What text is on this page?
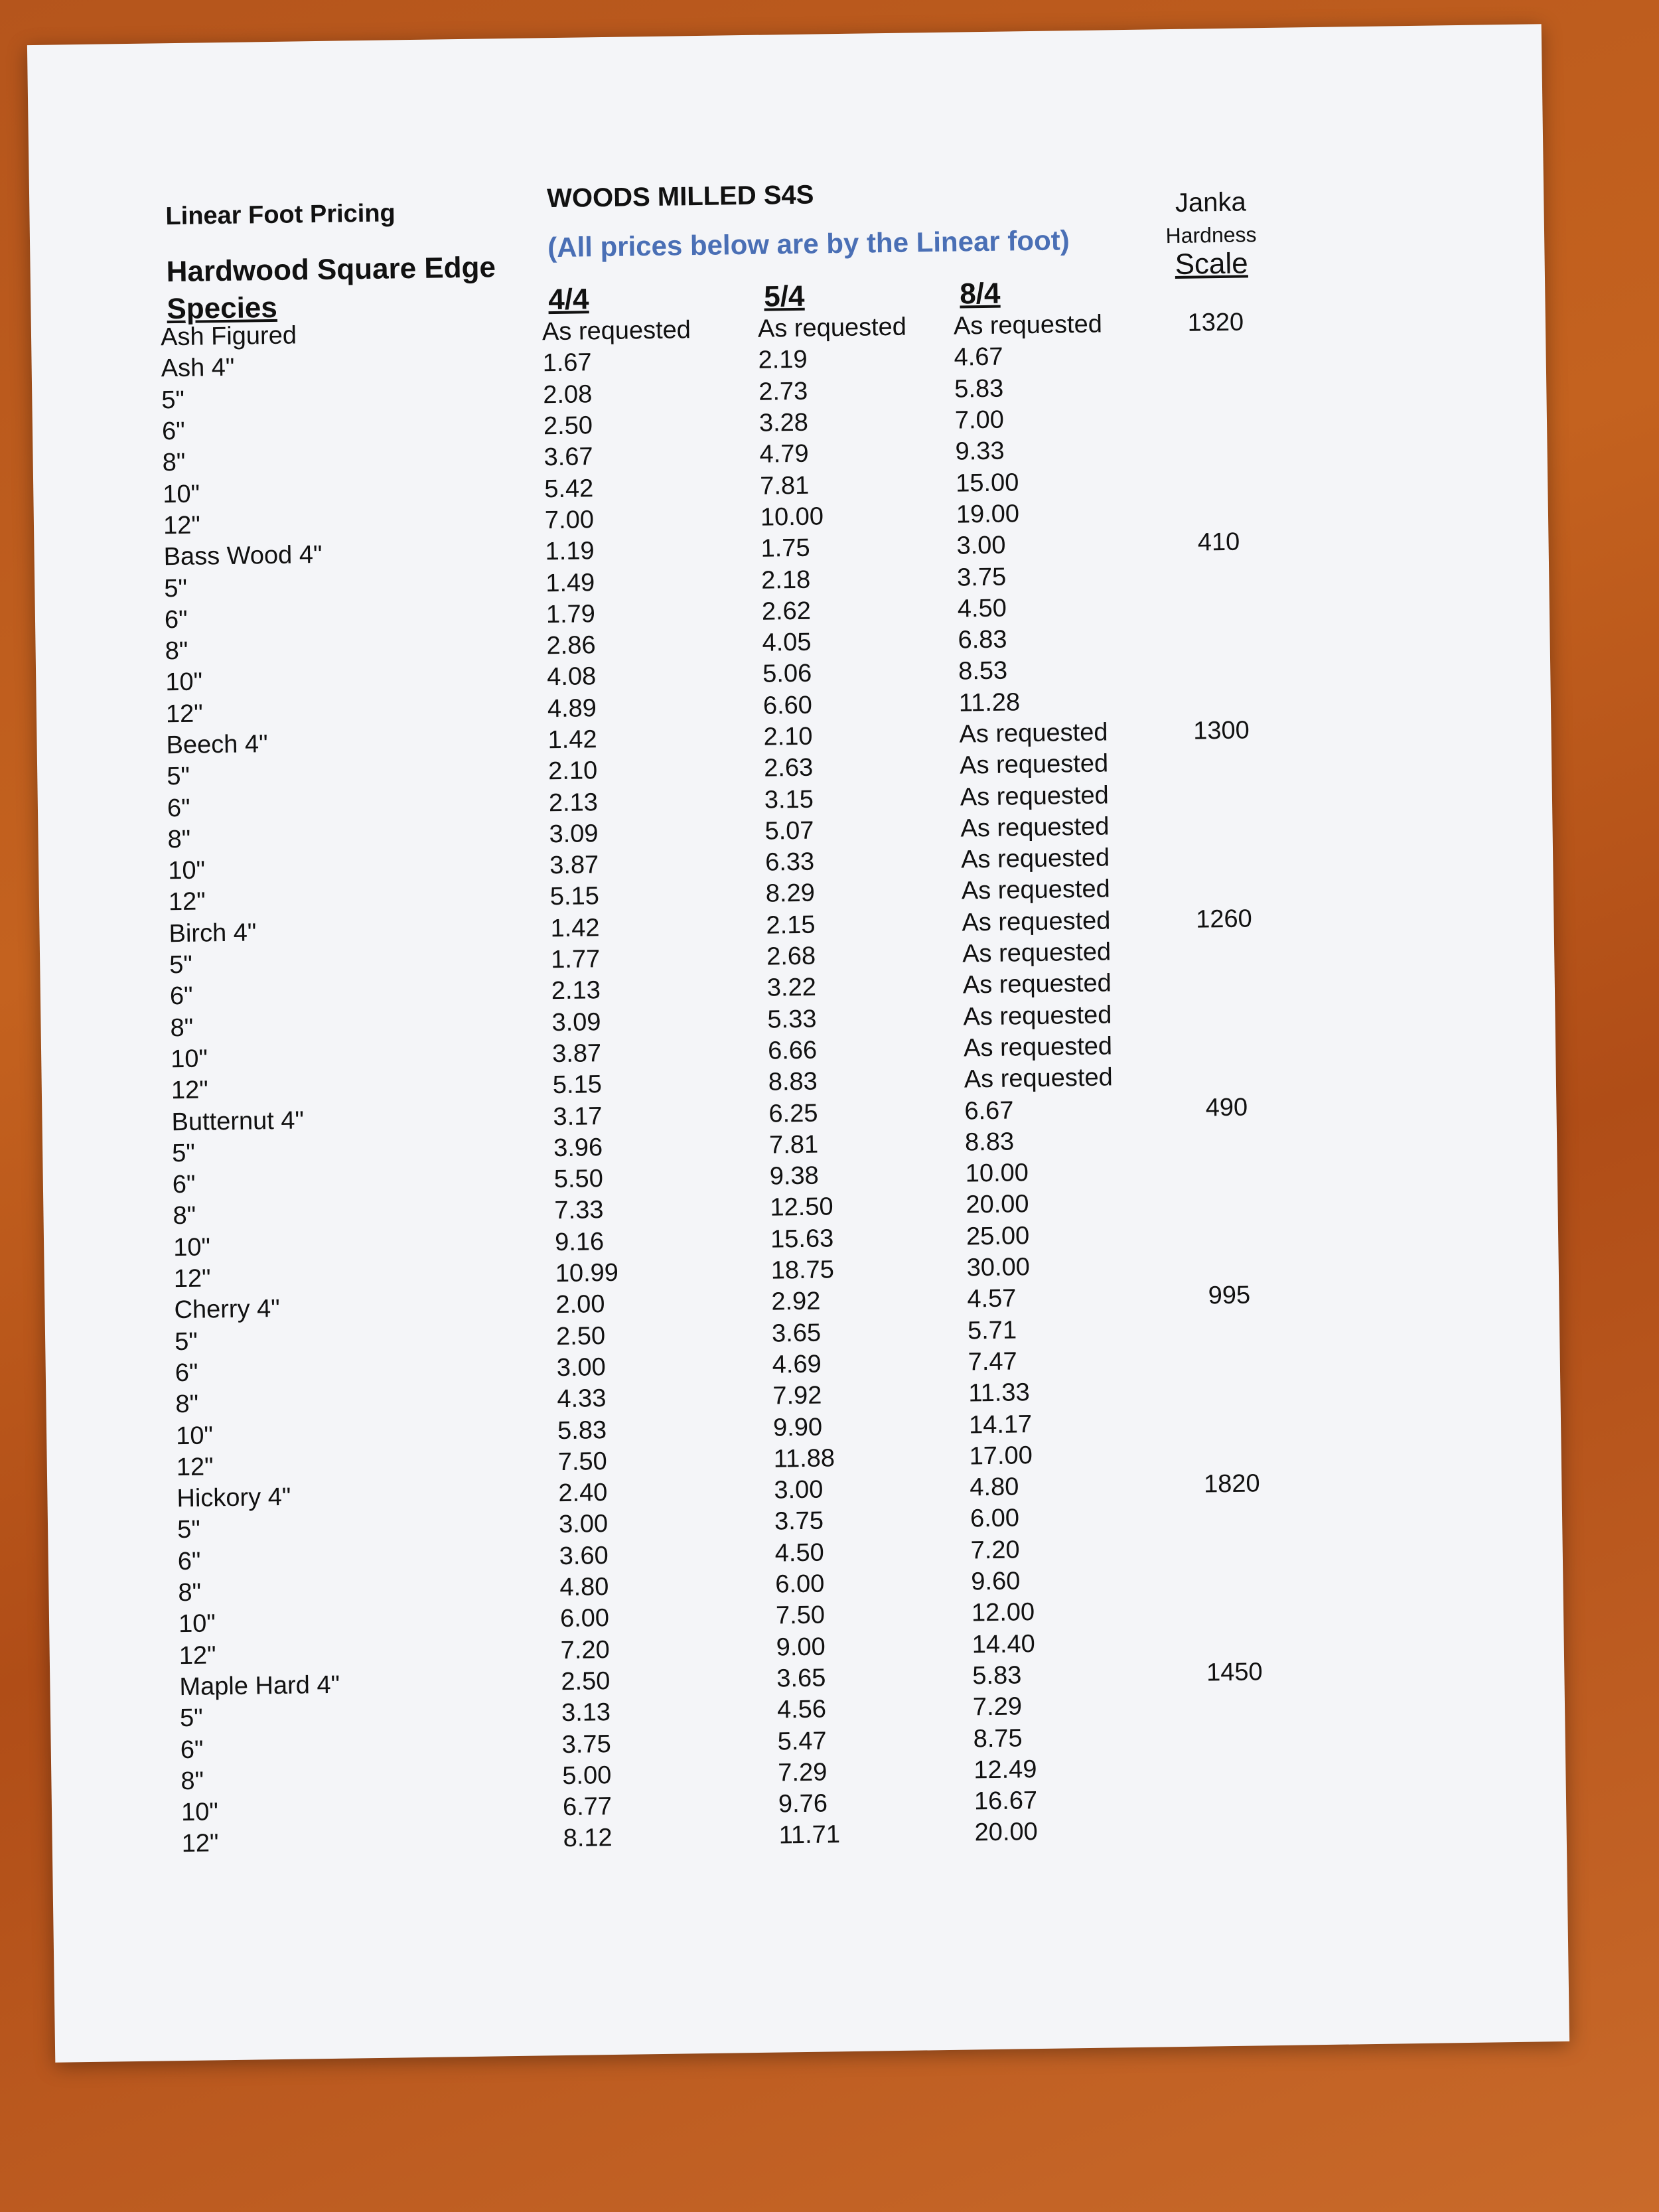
Linear Foot Pricing
WOODS MILLED S4S
(All prices below are by the Linear foot)
Hardwood Square Edge
Janka
Hardness
Scale
Species	4/4	5/4	8/4
Ash Figured	As requested	As requested	As requested	1320
Ash 4"	1.67	2.19	4.67	
5"	2.08	2.73	5.83	
6"	2.50	3.28	7.00	
8"	3.67	4.79	9.33	
10"	5.42	7.81	15.00	
12"	7.00	10.00	19.00	
Bass Wood 4"	1.19	1.75	3.00	410
5"	1.49	2.18	3.75	
6"	1.79	2.62	4.50	
8"	2.86	4.05	6.83	
10"	4.08	5.06	8.53	
12"	4.89	6.60	11.28	
Beech 4"	1.42	2.10	As requested	1300
5"	2.10	2.63	As requested	
6"	2.13	3.15	As requested	
8"	3.09	5.07	As requested	
10"	3.87	6.33	As requested	
12"	5.15	8.29	As requested	
Birch 4"	1.42	2.15	As requested	1260
5"	1.77	2.68	As requested	
6"	2.13	3.22	As requested	
8"	3.09	5.33	As requested	
10"	3.87	6.66	As requested	
12"	5.15	8.83	As requested	
Butternut 4"	3.17	6.25	6.67	490
5"	3.96	7.81	8.83	
6"	5.50	9.38	10.00	
8"	7.33	12.50	20.00	
10"	9.16	15.63	25.00	
12"	10.99	18.75	30.00	
Cherry 4"	2.00	2.92	4.57	995
5"	2.50	3.65	5.71	
6"	3.00	4.69	7.47	
8"	4.33	7.92	11.33	
10"	5.83	9.90	14.17	
12"	7.50	11.88	17.00	
Hickory 4"	2.40	3.00	4.80	1820
5"	3.00	3.75	6.00	
6"	3.60	4.50	7.20	
8"	4.80	6.00	9.60	
10"	6.00	7.50	12.00	
12"	7.20	9.00	14.40	
Maple Hard 4"	2.50	3.65	5.83	1450
5"	3.13	4.56	7.29	
6"	3.75	5.47	8.75	
8"	5.00	7.29	12.49	
10"	6.77	9.76	16.67	
12"	8.12	11.71	20.00	
